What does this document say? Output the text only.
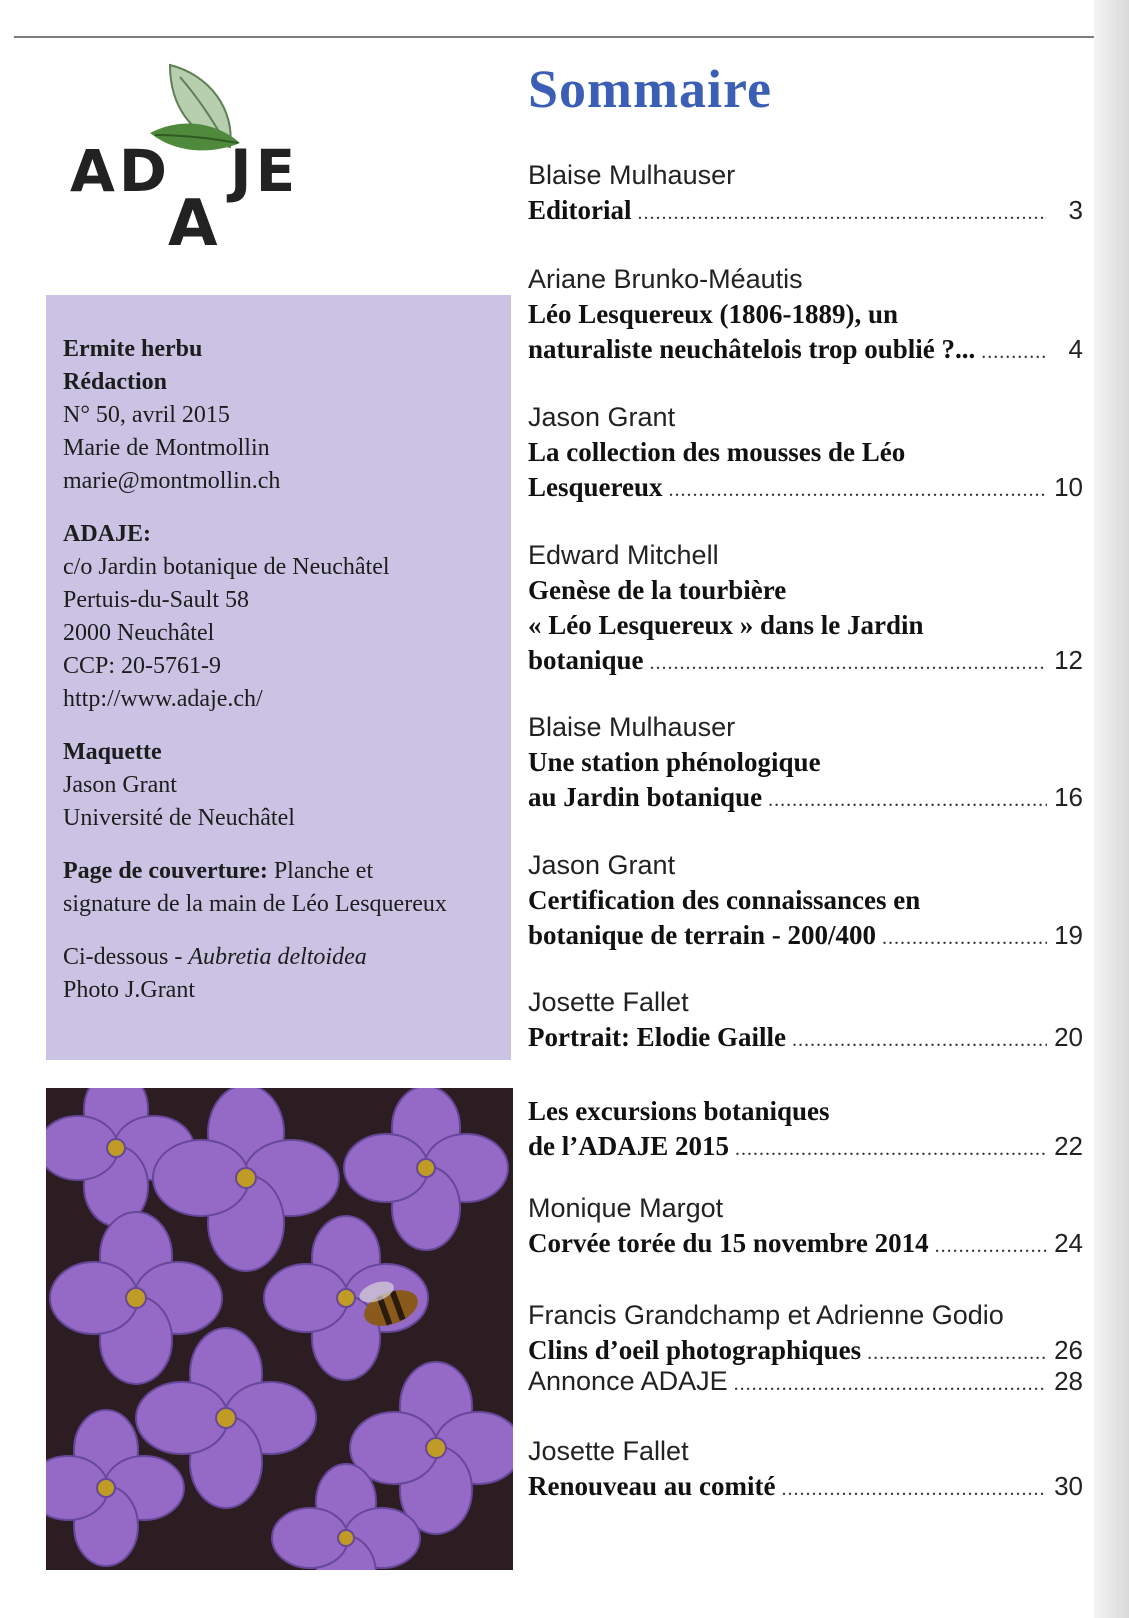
AD
A
JE
Ermite herbu
Rédaction
N° 50, avril 2015
Marie de Montmollin
marie@montmollin.ch
ADAJE:
c/o Jardin botanique de Neuchâtel
Pertuis-du-Sault 58
2000 Neuchâtel
CCP: 20-5761-9
http://www.adaje.ch/
Maquette
Jason Grant
Université de Neuchâtel
Page de couverture: Planche et
signature de la main de Léo Lesquereux
Ci-dessous - Aubretia deltoidea
Photo J.Grant
Sommaire
Blaise Mulhauser
Editorial .....	3
Ariane Brunko-Méautis
Léo Lesquereux (1806-1889), un
naturaliste neuchâtelois trop oublié ?... .....	4
Jason Grant
La collection des mousses de Léo
Lesquereux .....	10
Edward Mitchell
Genèse de la tourbière
« Léo Lesquereux » dans le Jardin
botanique .....	12
Blaise Mulhauser
Une station phénologique
au Jardin botanique .....	16
Jason Grant
Certification des connaissances en
botanique de terrain - 200/400 .....	19
Josette Fallet
Portrait: Elodie Gaille .....	20
Les excursions botaniques
de l’ADAJE 2015 .....	22
Monique Margot
Corvée torée du 15 novembre 2014 .....	24
Francis Grandchamp et Adrienne Godio
Clins d’oeil photographiques .....	26
Annonce ADAJE .....	28
Josette Fallet
Renouveau au comité .....	30
